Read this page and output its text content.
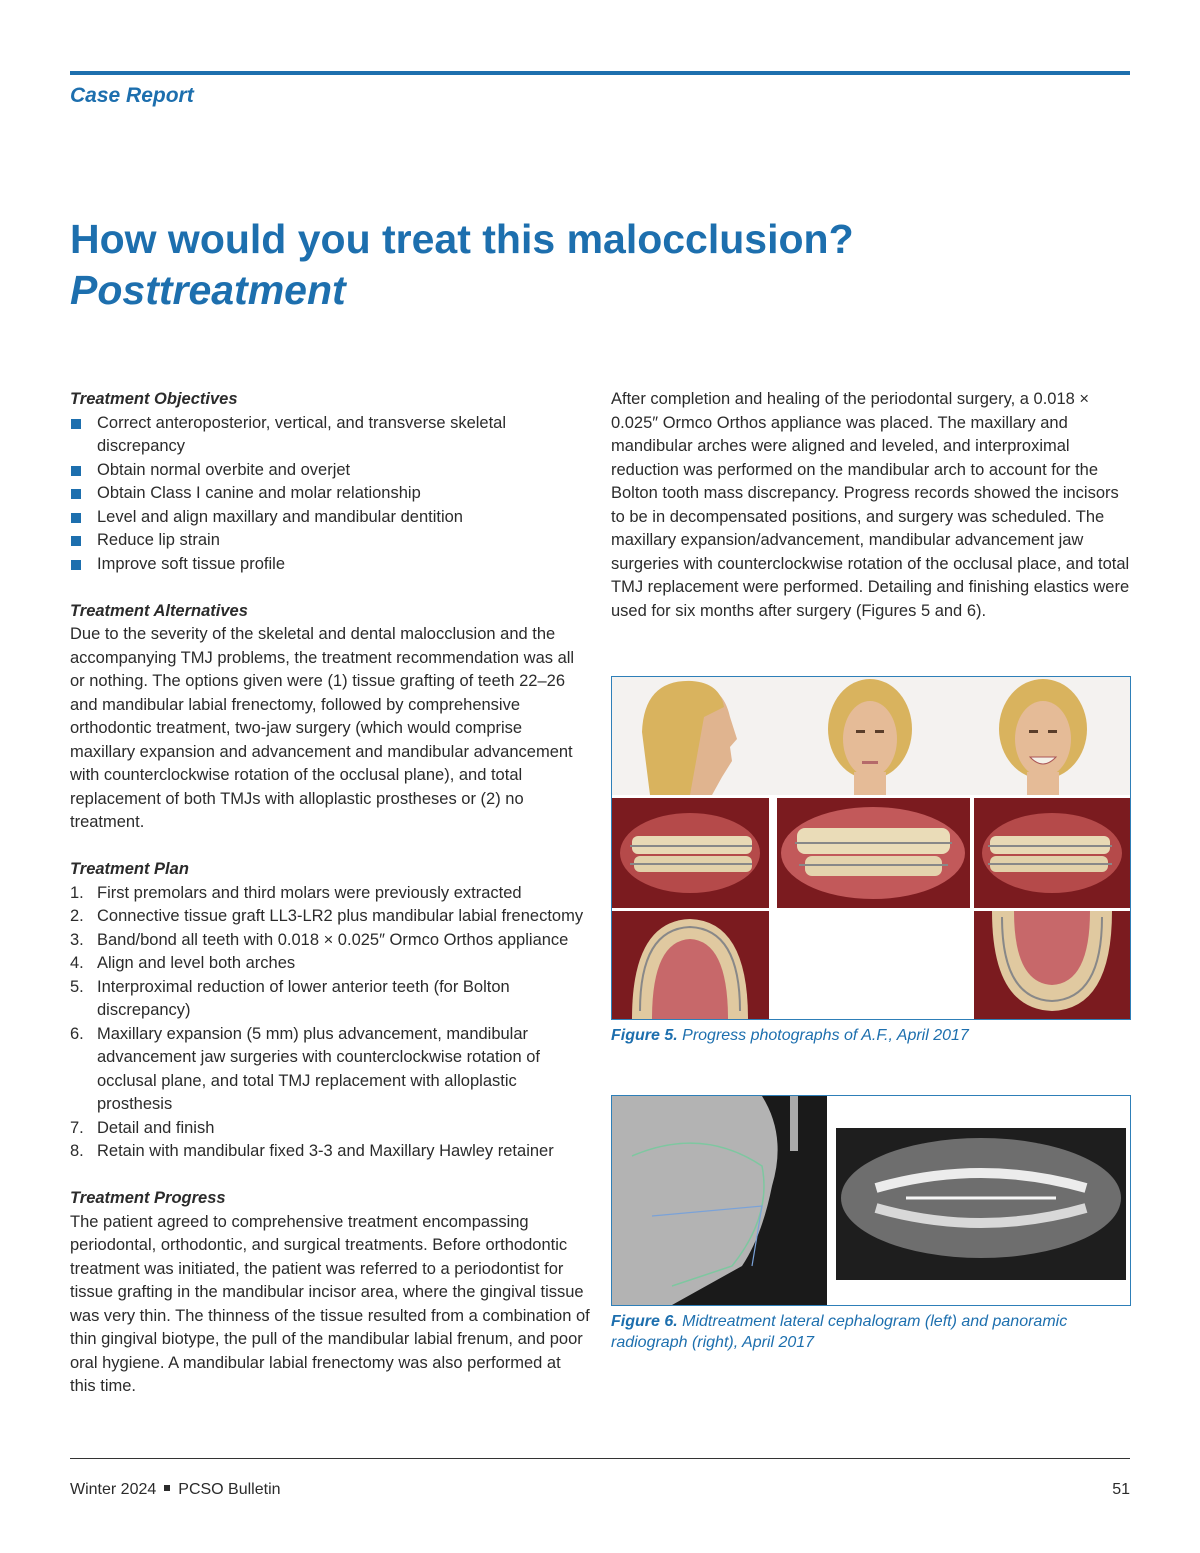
Case Report
How would you treat this malocclusion?
Posttreatment
Treatment Objectives
Correct anteroposterior, vertical, and transverse skeletal discrepancy
Obtain normal overbite and overjet
Obtain Class I canine and molar relationship
Level and align maxillary and mandibular dentition
Reduce lip strain
Improve soft tissue profile
Treatment Alternatives

Due to the severity of the skeletal and dental malocclusion and the accompanying TMJ problems, the treatment recommendation was all or nothing. The options given were (1) tissue grafting of teeth 22–26 and mandibular labial frenectomy, followed by comprehensive orthodontic treatment, two-jaw surgery (which would comprise maxillary expansion and advancement and mandibular advancement with counterclockwise rotation of the occlusal plane), and total replacement of both TMJs with alloplastic prostheses or (2) no treatment.

Treatment Plan
1. First premolars and third molars were previously extracted
2. Connective tissue graft LL3-LR2 plus mandibular labial frenectomy
3. Band/bond all teeth with 0.018 × 0.025″ Ormco Orthos appliance
4. Align and level both arches
5. Interproximal reduction of lower anterior teeth (for Bolton discrepancy)
6. Maxillary expansion (5 mm) plus advancement, mandibular advancement jaw surgeries with counterclockwise rotation of occlusal plane, and total TMJ replacement with alloplastic prosthesis
7. Detail and finish
8. Retain with mandibular fixed 3-3 and Maxillary Hawley retainer
Treatment Progress

The patient agreed to comprehensive treatment encompassing periodontal, orthodontic, and surgical treatments. Before orthodontic treatment was initiated, the patient was referred to a periodontist for tissue grafting in the mandibular incisor area, where the gingival tissue was very thin. The thinness of the tissue resulted from a combination of thin gingival biotype, the pull of the mandibular labial frenum, and poor oral hygiene. A mandibular labial frenectomy was also performed at this time.

After completion and healing of the periodontal surgery, a 0.018 × 0.025″ Ormco Orthos appliance was placed. The maxillary and mandibular arches were aligned and leveled, and interproximal reduction was performed on the mandibular arch to account for the Bolton tooth mass discrepancy. Progress records showed the incisors to be in decompensated positions, and surgery was scheduled. The maxillary expansion/advancement, mandibular advancement jaw surgeries with counterclockwise rotation of the occlusal place, and total TMJ replacement were performed. Detailing and finishing elastics were used for six months after surgery (Figures 5 and 6).

Figure 5. Progress photographs of A.F., April 2017
Figure 6. Midtreatment lateral cephalogram (left) and panoramic radiograph (right), April 2017
Winter 2024 PCSO Bulletin	51
